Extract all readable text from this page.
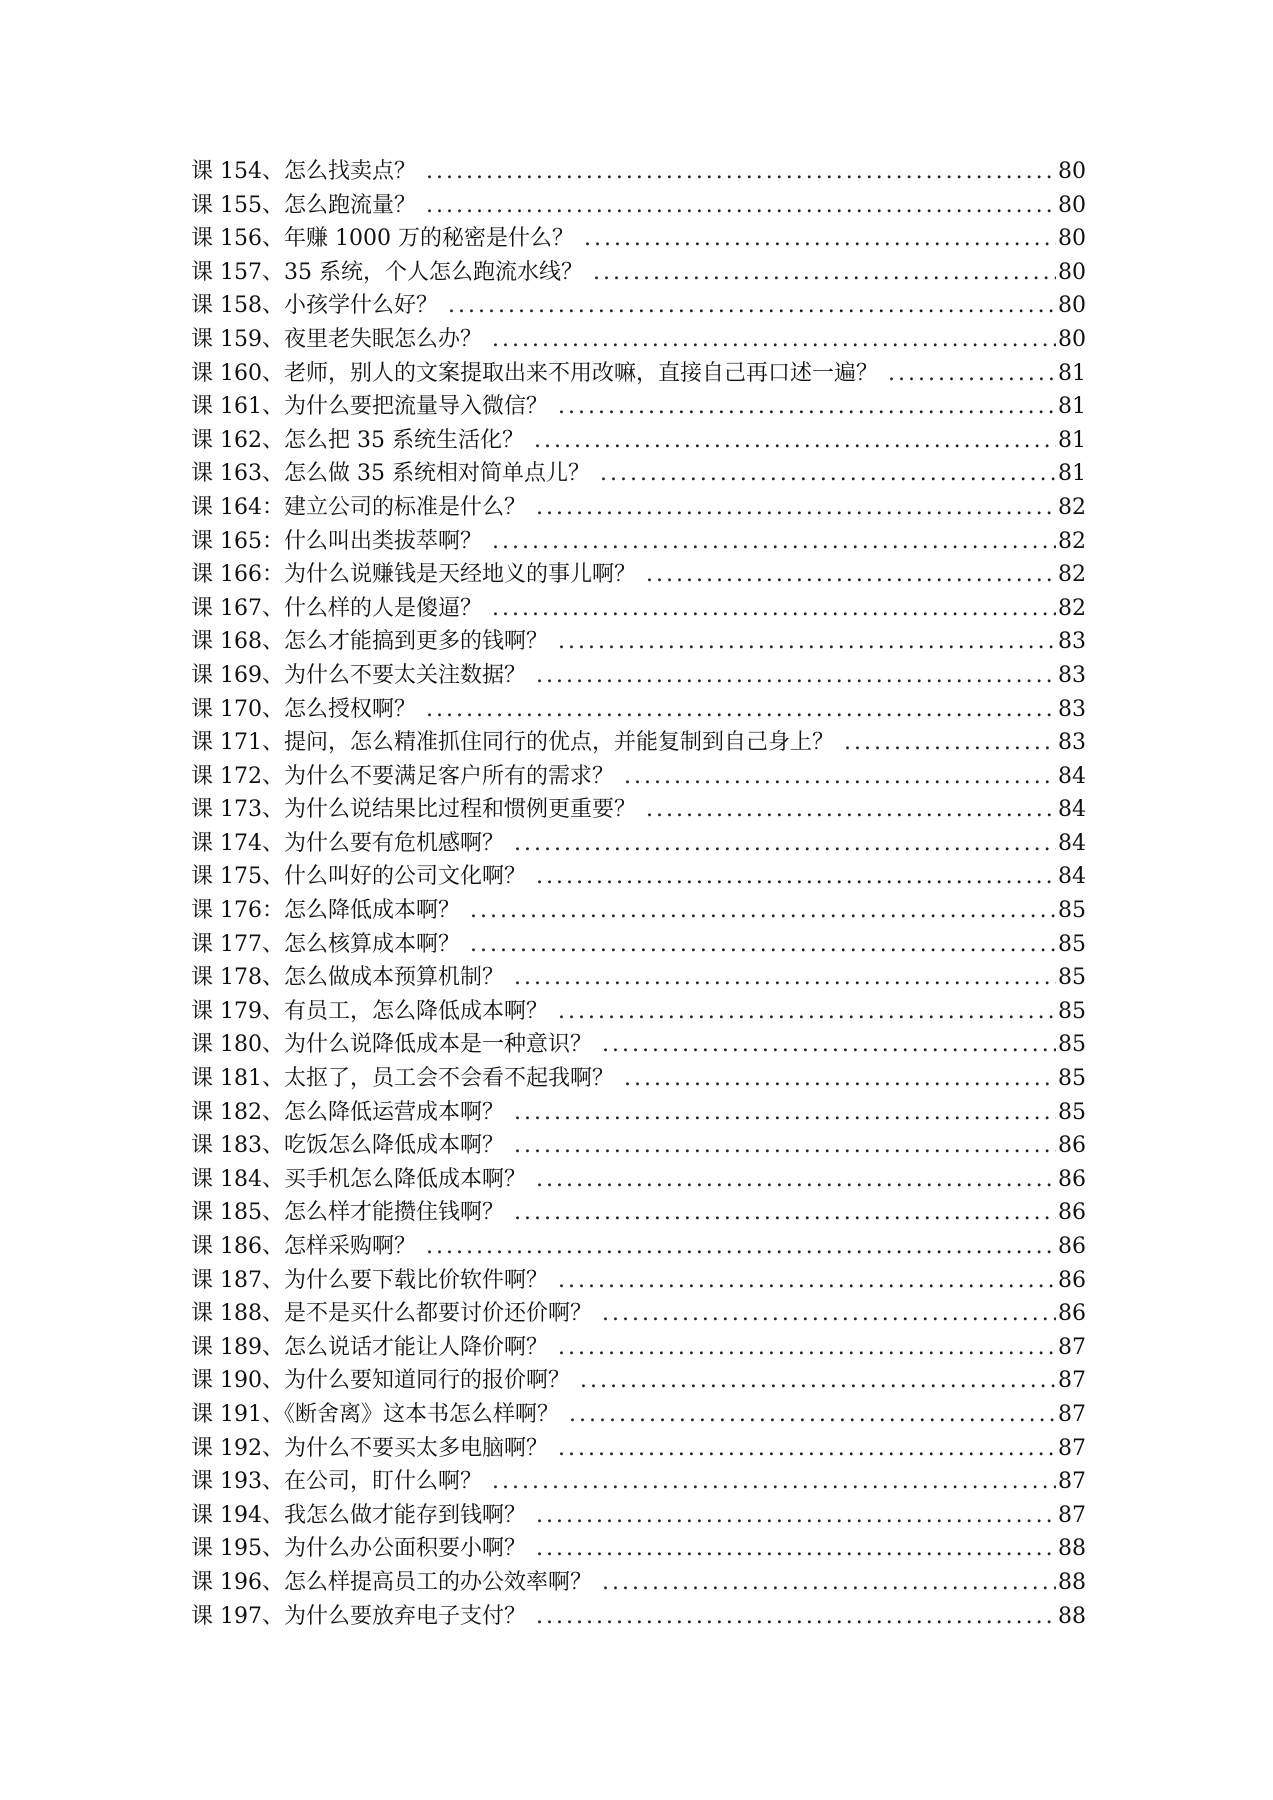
课 154、怎么找卖点？ .....	80
课 155、怎么跑流量？ .....	80
课 156、年赚 1000 万的秘密是什么？ .....	80
课 157、35 系统，个人怎么跑流水线？ .....	80
课 158、小孩学什么好？ .....	80
课 159、夜里老失眠怎么办？ .....	80
课 160、老师，别人的文案提取出来不用改嘛，直接自己再口述一遍？ .....	81
课 161、为什么要把流量导入微信？ .....	81
课 162、怎么把 35 系统生活化？ .....	81
课 163、怎么做 35 系统相对简单点儿？ .....	81
课 164：建立公司的标准是什么？ .....	82
课 165：什么叫出类拔萃啊？ .....	82
课 166：为什么说赚钱是天经地义的事儿啊？ .....	82
课 167、什么样的人是傻逼？ .....	82
课 168、怎么才能搞到更多的钱啊？ .....	83
课 169、为什么不要太关注数据？ .....	83
课 170、怎么授权啊？ .....	83
课 171、提问，怎么精准抓住同行的优点，并能复制到自己身上？ .....	83
课 172、为什么不要满足客户所有的需求？ .....	84
课 173、为什么说结果比过程和惯例更重要？ .....	84
课 174、为什么要有危机感啊？ .....	84
课 175、什么叫好的公司文化啊？ .....	84
课 176：怎么降低成本啊？ .....	85
课 177、怎么核算成本啊？ .....	85
课 178、怎么做成本预算机制？ .....	85
课 179、有员工，怎么降低成本啊？ .....	85
课 180、为什么说降低成本是一种意识？ .....	85
课 181、太抠了，员工会不会看不起我啊？ .....	85
课 182、怎么降低运营成本啊？ .....	85
课 183、吃饭怎么降低成本啊？ .....	86
课 184、买手机怎么降低成本啊？ .....	86
课 185、怎么样才能攒住钱啊？ .....	86
课 186、怎样采购啊？ .....	86
课 187、为什么要下载比价软件啊？ .....	86
课 188、是不是买什么都要讨价还价啊？ .....	86
课 189、怎么说话才能让人降价啊？ .....	87
课 190、为什么要知道同行的报价啊？ .....	87
课 191、《断舍离》这本书怎么样啊？ .....	87
课 192、为什么不要买太多电脑啊？ .....	87
课 193、在公司，盯什么啊？ .....	87
课 194、我怎么做才能存到钱啊？ .....	87
课 195、为什么办公面积要小啊？ .....	88
课 196、怎么样提高员工的办公效率啊？ .....	88
课 197、为什么要放弃电子支付？ .....	88
